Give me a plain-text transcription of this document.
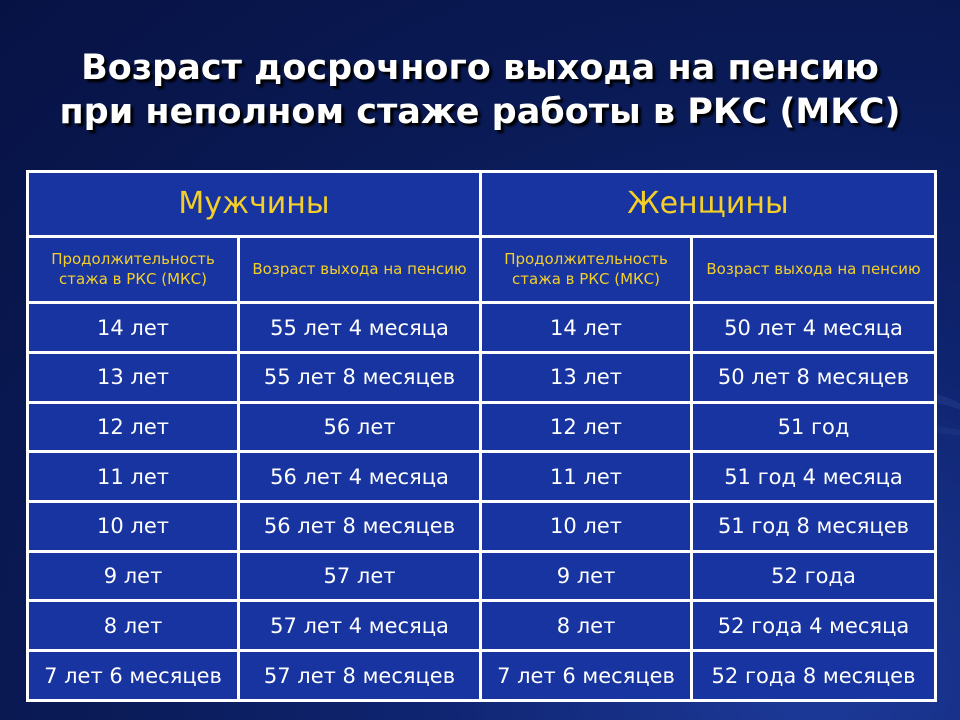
Возраст досрочного выхода на пенсию
при неполном стаже работы в РКС (МКС)
Мужчины		Женщины	
Продолжительность стажа в РКС (МКС)	Возраст выхода на пенсию	Продолжительность стажа в РКС (МКС)	Возраст выхода на пенсию
14 лет	55 лет 4 месяца	14 лет	50 лет 4 месяца
13 лет	55 лет 8 месяцев	13 лет	50 лет 8 месяцев
12 лет	56 лет	12 лет	51 год
11 лет	56 лет 4 месяца	11 лет	51 год 4 месяца
10 лет	56 лет 8 месяцев	10 лет	51 год 8 месяцев
9 лет	57 лет	9 лет	52 года
8 лет	57 лет 4 месяца	8 лет	52 года 4 месяца
7 лет 6 месяцев	57 лет 8 месяцев	7 лет 6 месяцев	52 года 8 месяцев
